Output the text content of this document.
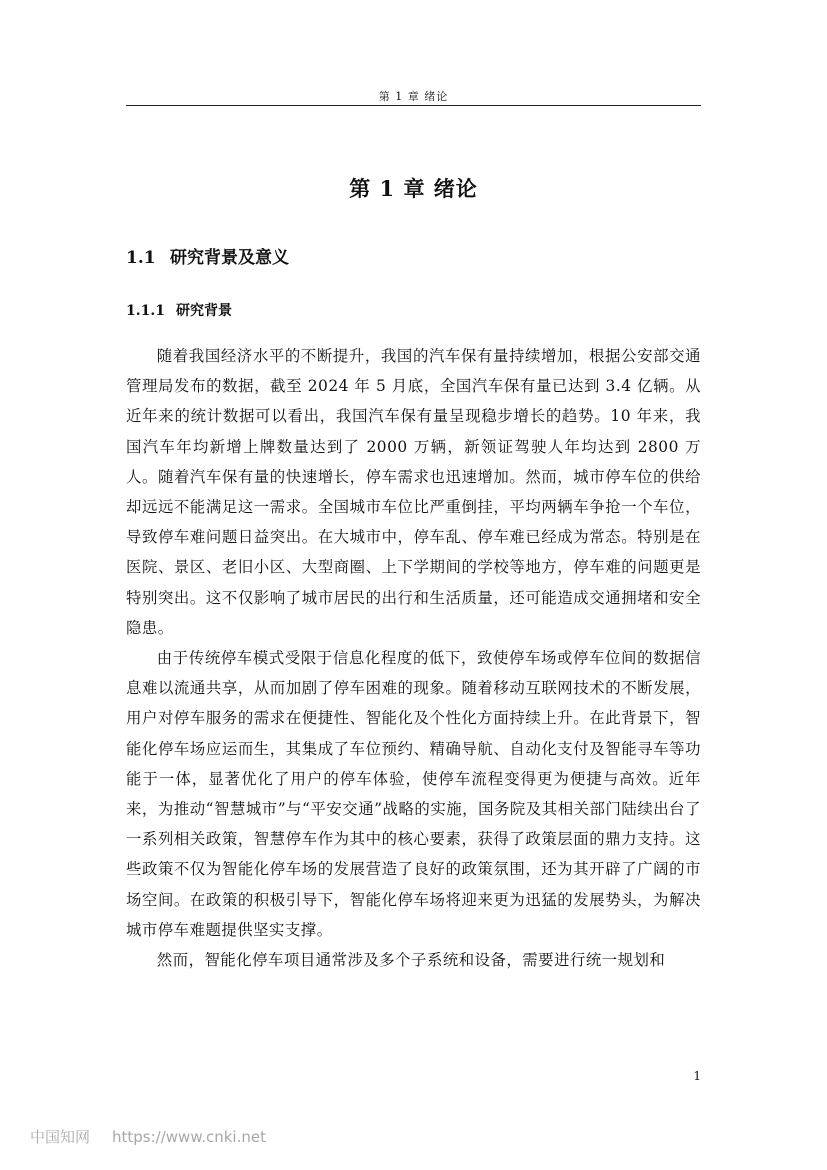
第 1 章 绪论
第 1 章 绪论
1.1 研究背景及意义
1.1.1 研究背景

随着我国经济水平的不断提升，我国的汽车保有量持续增加，根据公安部交通管理局发布的数据，截至 2024 年 5 月底，全国汽车保有量已达到 3.4 亿辆。从近年来的统计数据可以看出，我国汽车保有量呈现稳步增长的趋势。10 年来，我国汽车年均新增上牌数量达到了 2000 万辆，新领证驾驶人年均达到 2800 万人。随着汽车保有量的快速增长，停车需求也迅速增加。然而，城市停车位的供给却远远不能满足这一需求。全国城市车位比严重倒挂，平均两辆车争抢一个车位，导致停车难问题日益突出。在大城市中，停车乱、停车难已经成为常态。特别是在医院、景区、老旧小区、大型商圈、上下学期间的学校等地方，停车难的问题更是特别突出。这不仅影响了城市居民的出行和生活质量，还可能造成交通拥堵和安全隐患。

由于传统停车模式受限于信息化程度的低下，致使停车场或停车位间的数据信息难以流通共享，从而加剧了停车困难的现象。随着移动互联网技术的不断发展，用户对停车服务的需求在便捷性、智能化及个性化方面持续上升。在此背景下，智能化停车场应运而生，其集成了车位预约、精确导航、自动化支付及智能寻车等功能于一体，显著优化了用户的停车体验，使停车流程变得更为便捷与高效。近年来，为推动“智慧城市”与“平安交通”战略的实施，国务院及其相关部门陆续出台了一系列相关政策，智慧停车作为其中的核心要素，获得了政策层面的鼎力支持。这些政策不仅为智能化停车场的发展营造了良好的政策氛围，还为其开辟了广阔的市场空间。在政策的积极引导下，智能化停车场将迎来更为迅猛的发展势头，为解决城市停车难题提供坚实支撑。

然而，智能化停车项目通常涉及多个子系统和设备，需要进行统一规划和

1
中国知网 https://www.cnki.net
